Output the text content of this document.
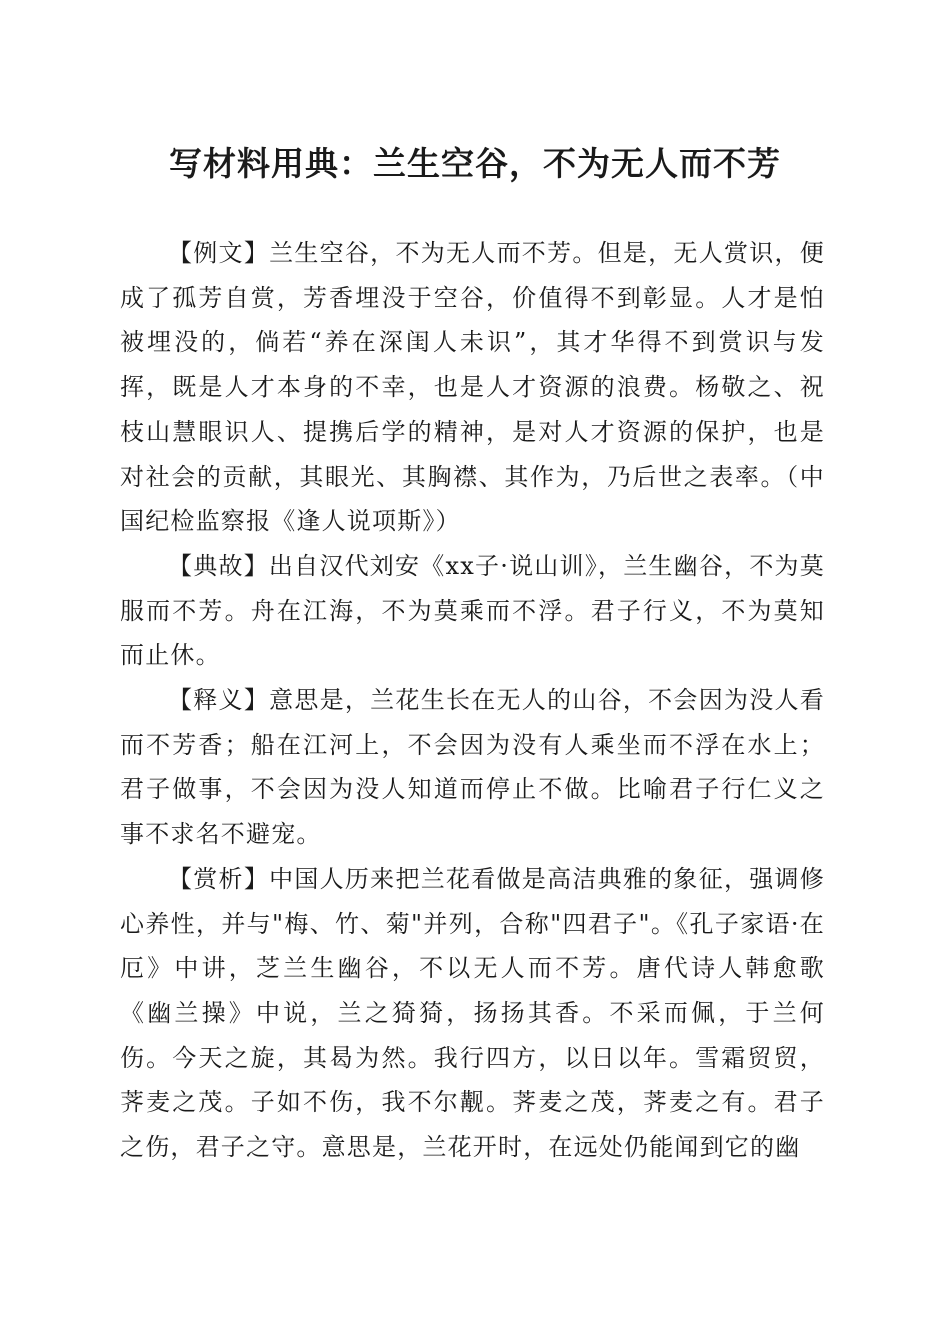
写材料用典：兰生空谷，不为无人而不芳

【例文】兰生空谷，不为无人而不芳。但是，无人赏识，便成了孤芳自赏，芳香埋没于空谷，价值得不到彰显。人才是怕被埋没的，倘若“养在深闺人未识”，其才华得不到赏识与发挥，既是人才本身的不幸，也是人才资源的浪费。杨敬之、祝枝山慧眼识人、提携后学的精神，是对人才资源的保护，也是对社会的贡献，其眼光、其胸襟、其作为，乃后世之表率。（中国纪检监察报《逢人说项斯》）

【典故】出自汉代刘安《xx子·说山训》，兰生幽谷，不为莫服而不芳。舟在江海，不为莫乘而不浮。君子行义，不为莫知而止休。

【释义】意思是，兰花生长在无人的山谷，不会因为没人看而不芳香；船在江河上，不会因为没有人乘坐而不浮在水上；君子做事，不会因为没人知道而停止不做。比喻君子行仁义之事不求名不避宠。

【赏析】中国人历来把兰花看做是高洁典雅的象征，强调修心养性，并与"梅、竹、菊"并列，合称"四君子"。《孔子家语·在厄》中讲，芝兰生幽谷，不以无人而不芳。唐代诗人韩愈歌《幽兰操》中说，兰之猗猗，扬扬其香。不采而佩，于兰何伤。今天之旋，其曷为然。我行四方，以日以年。雪霜贸贸，荠麦之茂。子如不伤，我不尔觏。荠麦之茂，荠麦之有。君子之伤，君子之守。意思是，兰花开时，在远处仍能闻到它的幽
